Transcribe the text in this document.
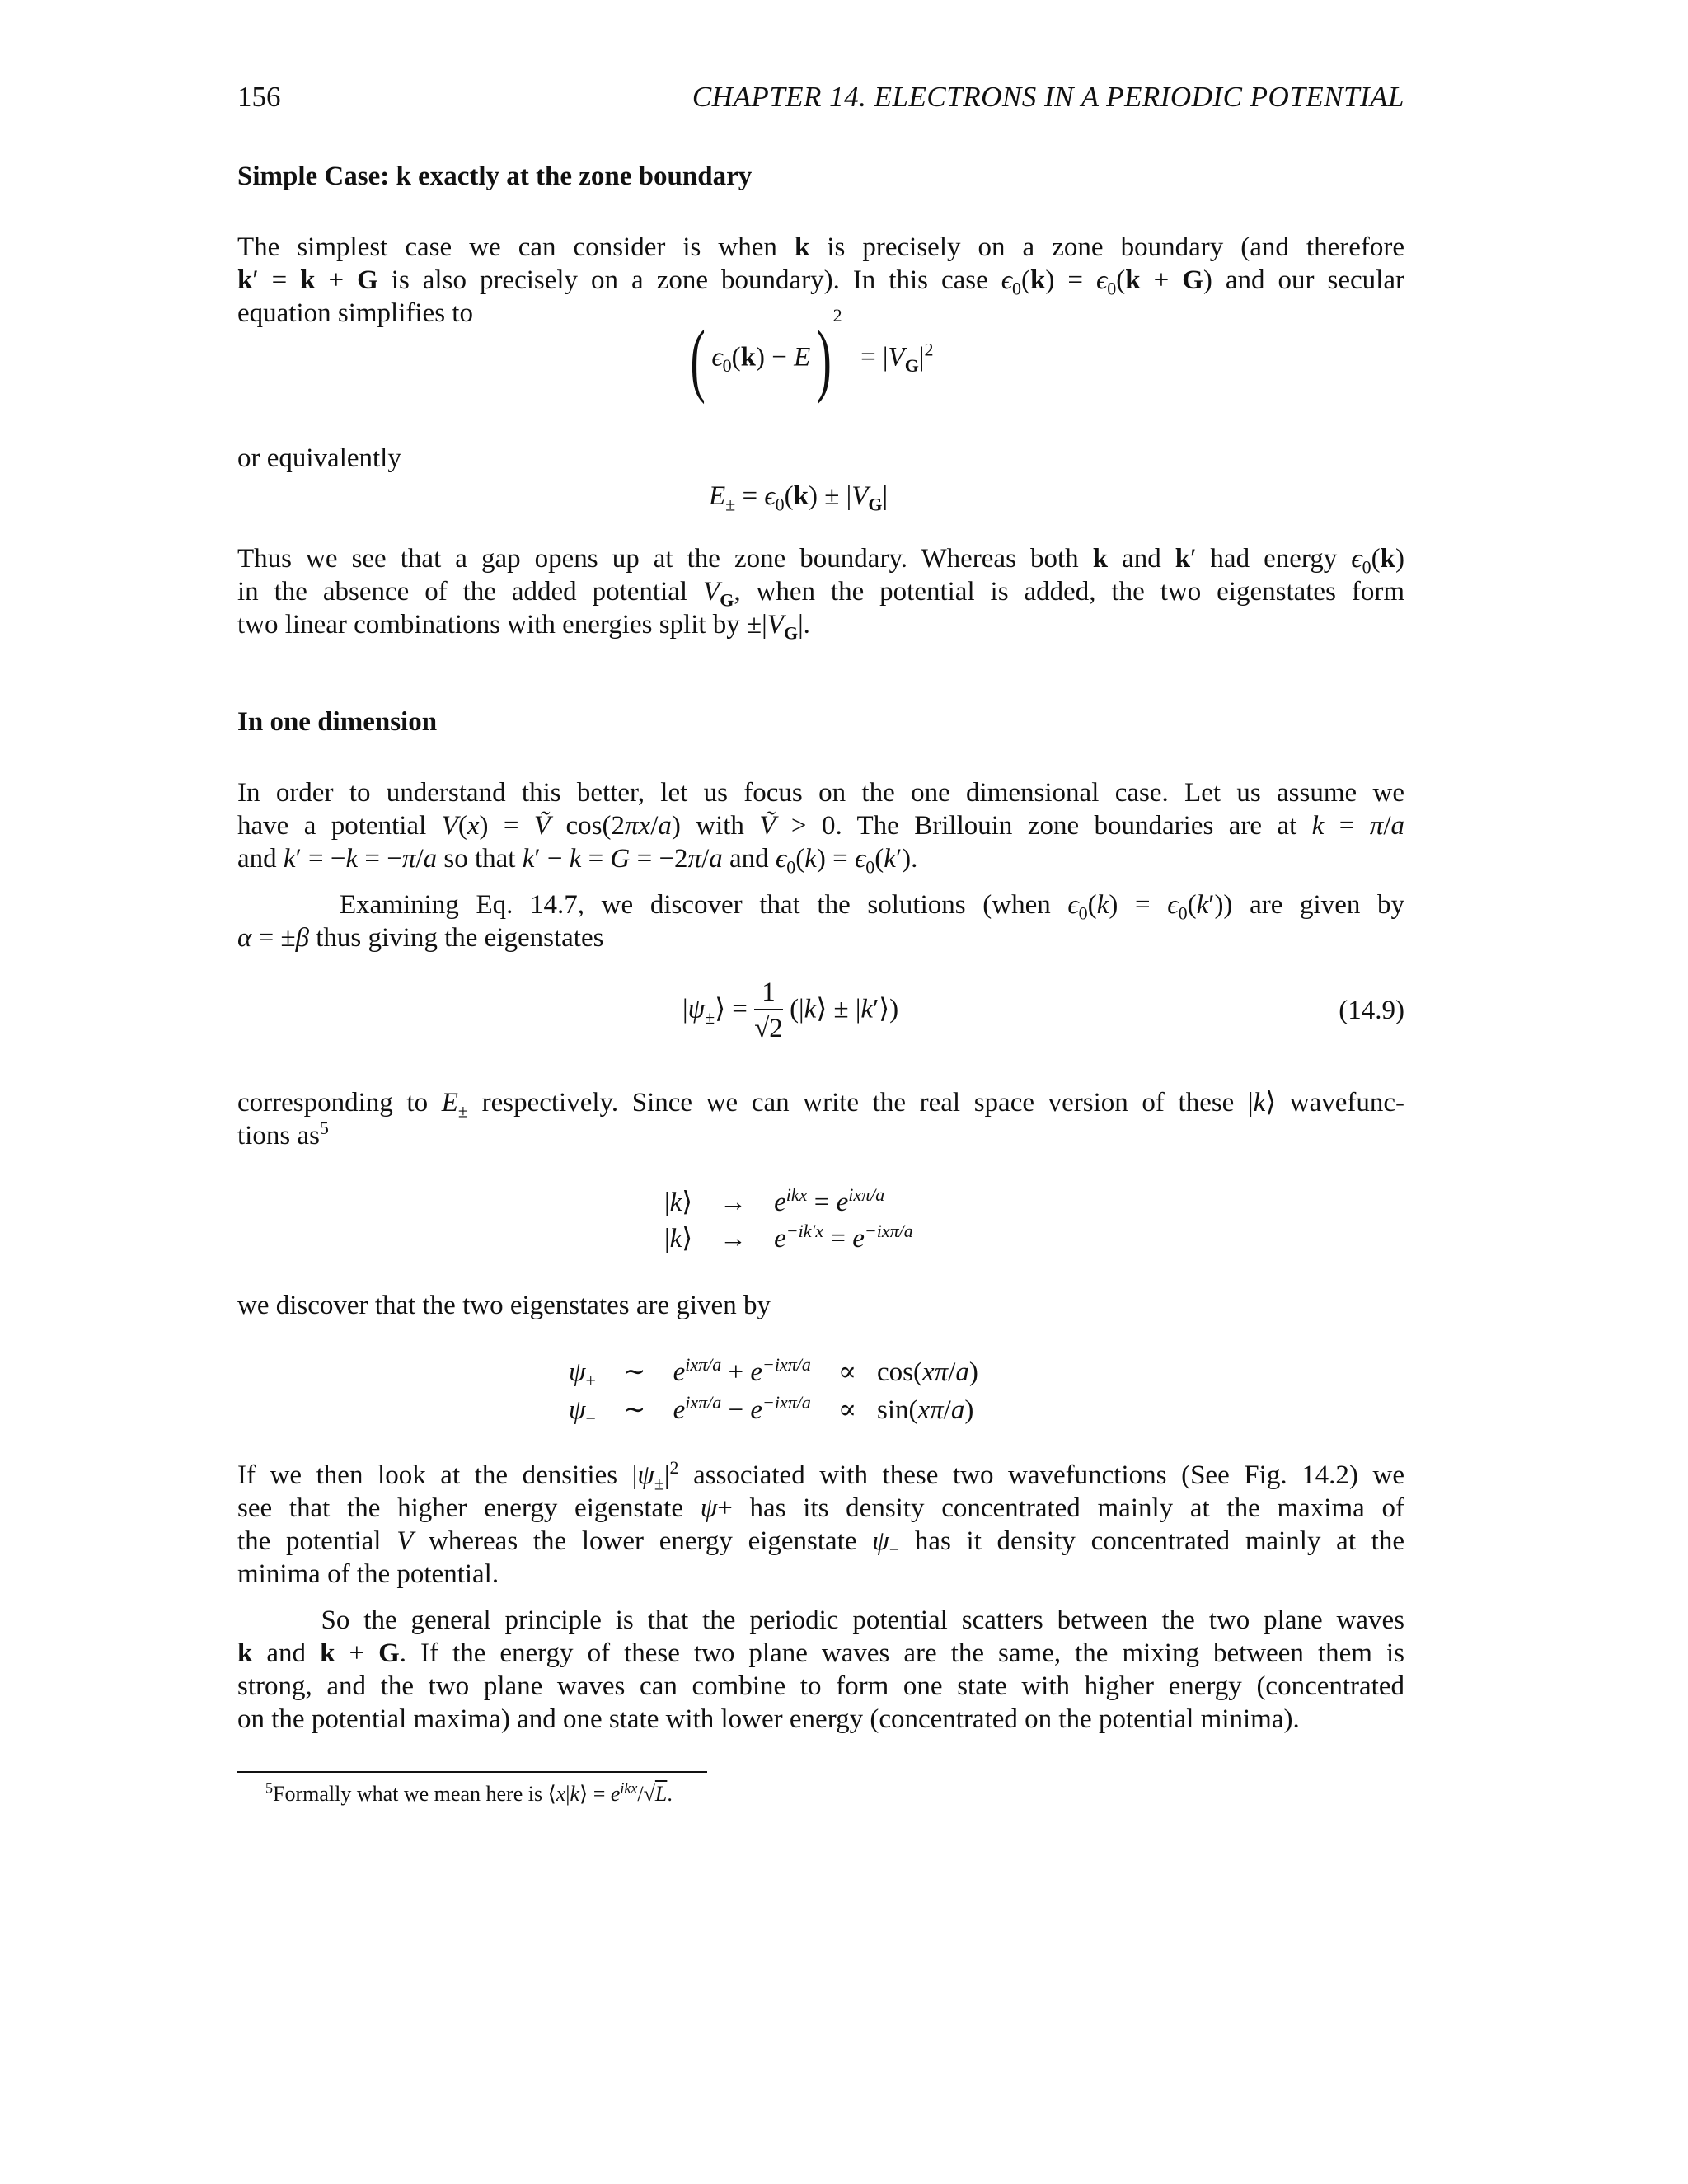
156	CHAPTER 14. ELECTRONS IN A PERIODIC POTENTIAL
Simple Case: k exactly at the zone boundary
The simplest case we can consider is when k is precisely on a zone boundary (and therefore
k′ = k + G is also precisely on a zone boundary). In this case $\epsilon_0(k) = \epsilon_0(k + G)$ and our secular
equation simplifies to	( $\epsilon_0(k) - E)^2 = |V_G|^2$
or equivalently
$E_\pm = \epsilon_0(k) \pm |V_G|$
Thus we see that a gap opens up at the zone boundary. Whereas both k and k′ had energy $\epsilon_0(k)$
in the absence of the added potential $V_G$, when the potential is added, the two eigenstates form
two linear combinations with energies split by $\pm|V_G|$.
In one dimension
In order to understand this better, let us focus on the one dimensional case. Let us assume we
have a potential V(x) = Ṽ cos(2πx/a) with Ṽ > 0. The Brillouin zone boundaries are at k = π/a
and k′ = −k = −π/a so that k′ − k = G = −2π/a and $\epsilon_0(k) = \epsilon_0(k')$.
Examining Eq. 14.7, we discover that the solutions (when $\epsilon_0(k) = \epsilon_0(k')$) are given by
α = ±β thus giving the eigenstates
$|\psi_\pm⟩ = \frac{1}{√2}$ (|k⟩ ± |k′⟩)	(14.9)
corresponding to $E_\pm$ respectively. Since we can write the real space version of these |k⟩ wavefunc-
tions $as^5$
|k⟩    →    $e^{ikx} = e^{ix\pi/a}$
|k⟩    →    $e^{-ik'x} = e^{-ix\pi/a}$
we discover that the two eigenstates are given by
$\psi_+$    ∼    $e^{ix\pi/a} + e^{-ix\pi/a}$    ∝   cos(xπ/a)
$\psi_-$    ∼    $e^{ix\pi/a} - e^{-ix\pi/a}$    ∝   sin(xπ/a)
If we then look at the densities $|\psi_\pm|^2$ associated with these two wavefunctions (See Fig. 14.2) we
see that the higher energy eigenstate ψ+ has its density concentrated mainly at the maxima of
the potential V whereas the lower energy eigenstate $\psi_-$ has it density concentrated mainly at the
minima of the potential.
So the general principle is that the periodic potential scatters between the two plane waves
k and k + G. If the energy of these two plane waves are the same, the mixing between them is
strong, and the two plane waves can combine to form one state with higher energy (concentrated
on the potential maxima) and one state with lower energy (concentrated on the potential minima).
$^5$Formally what we mean here is ⟨x|k⟩ = $e^{ikx}/√L$.
